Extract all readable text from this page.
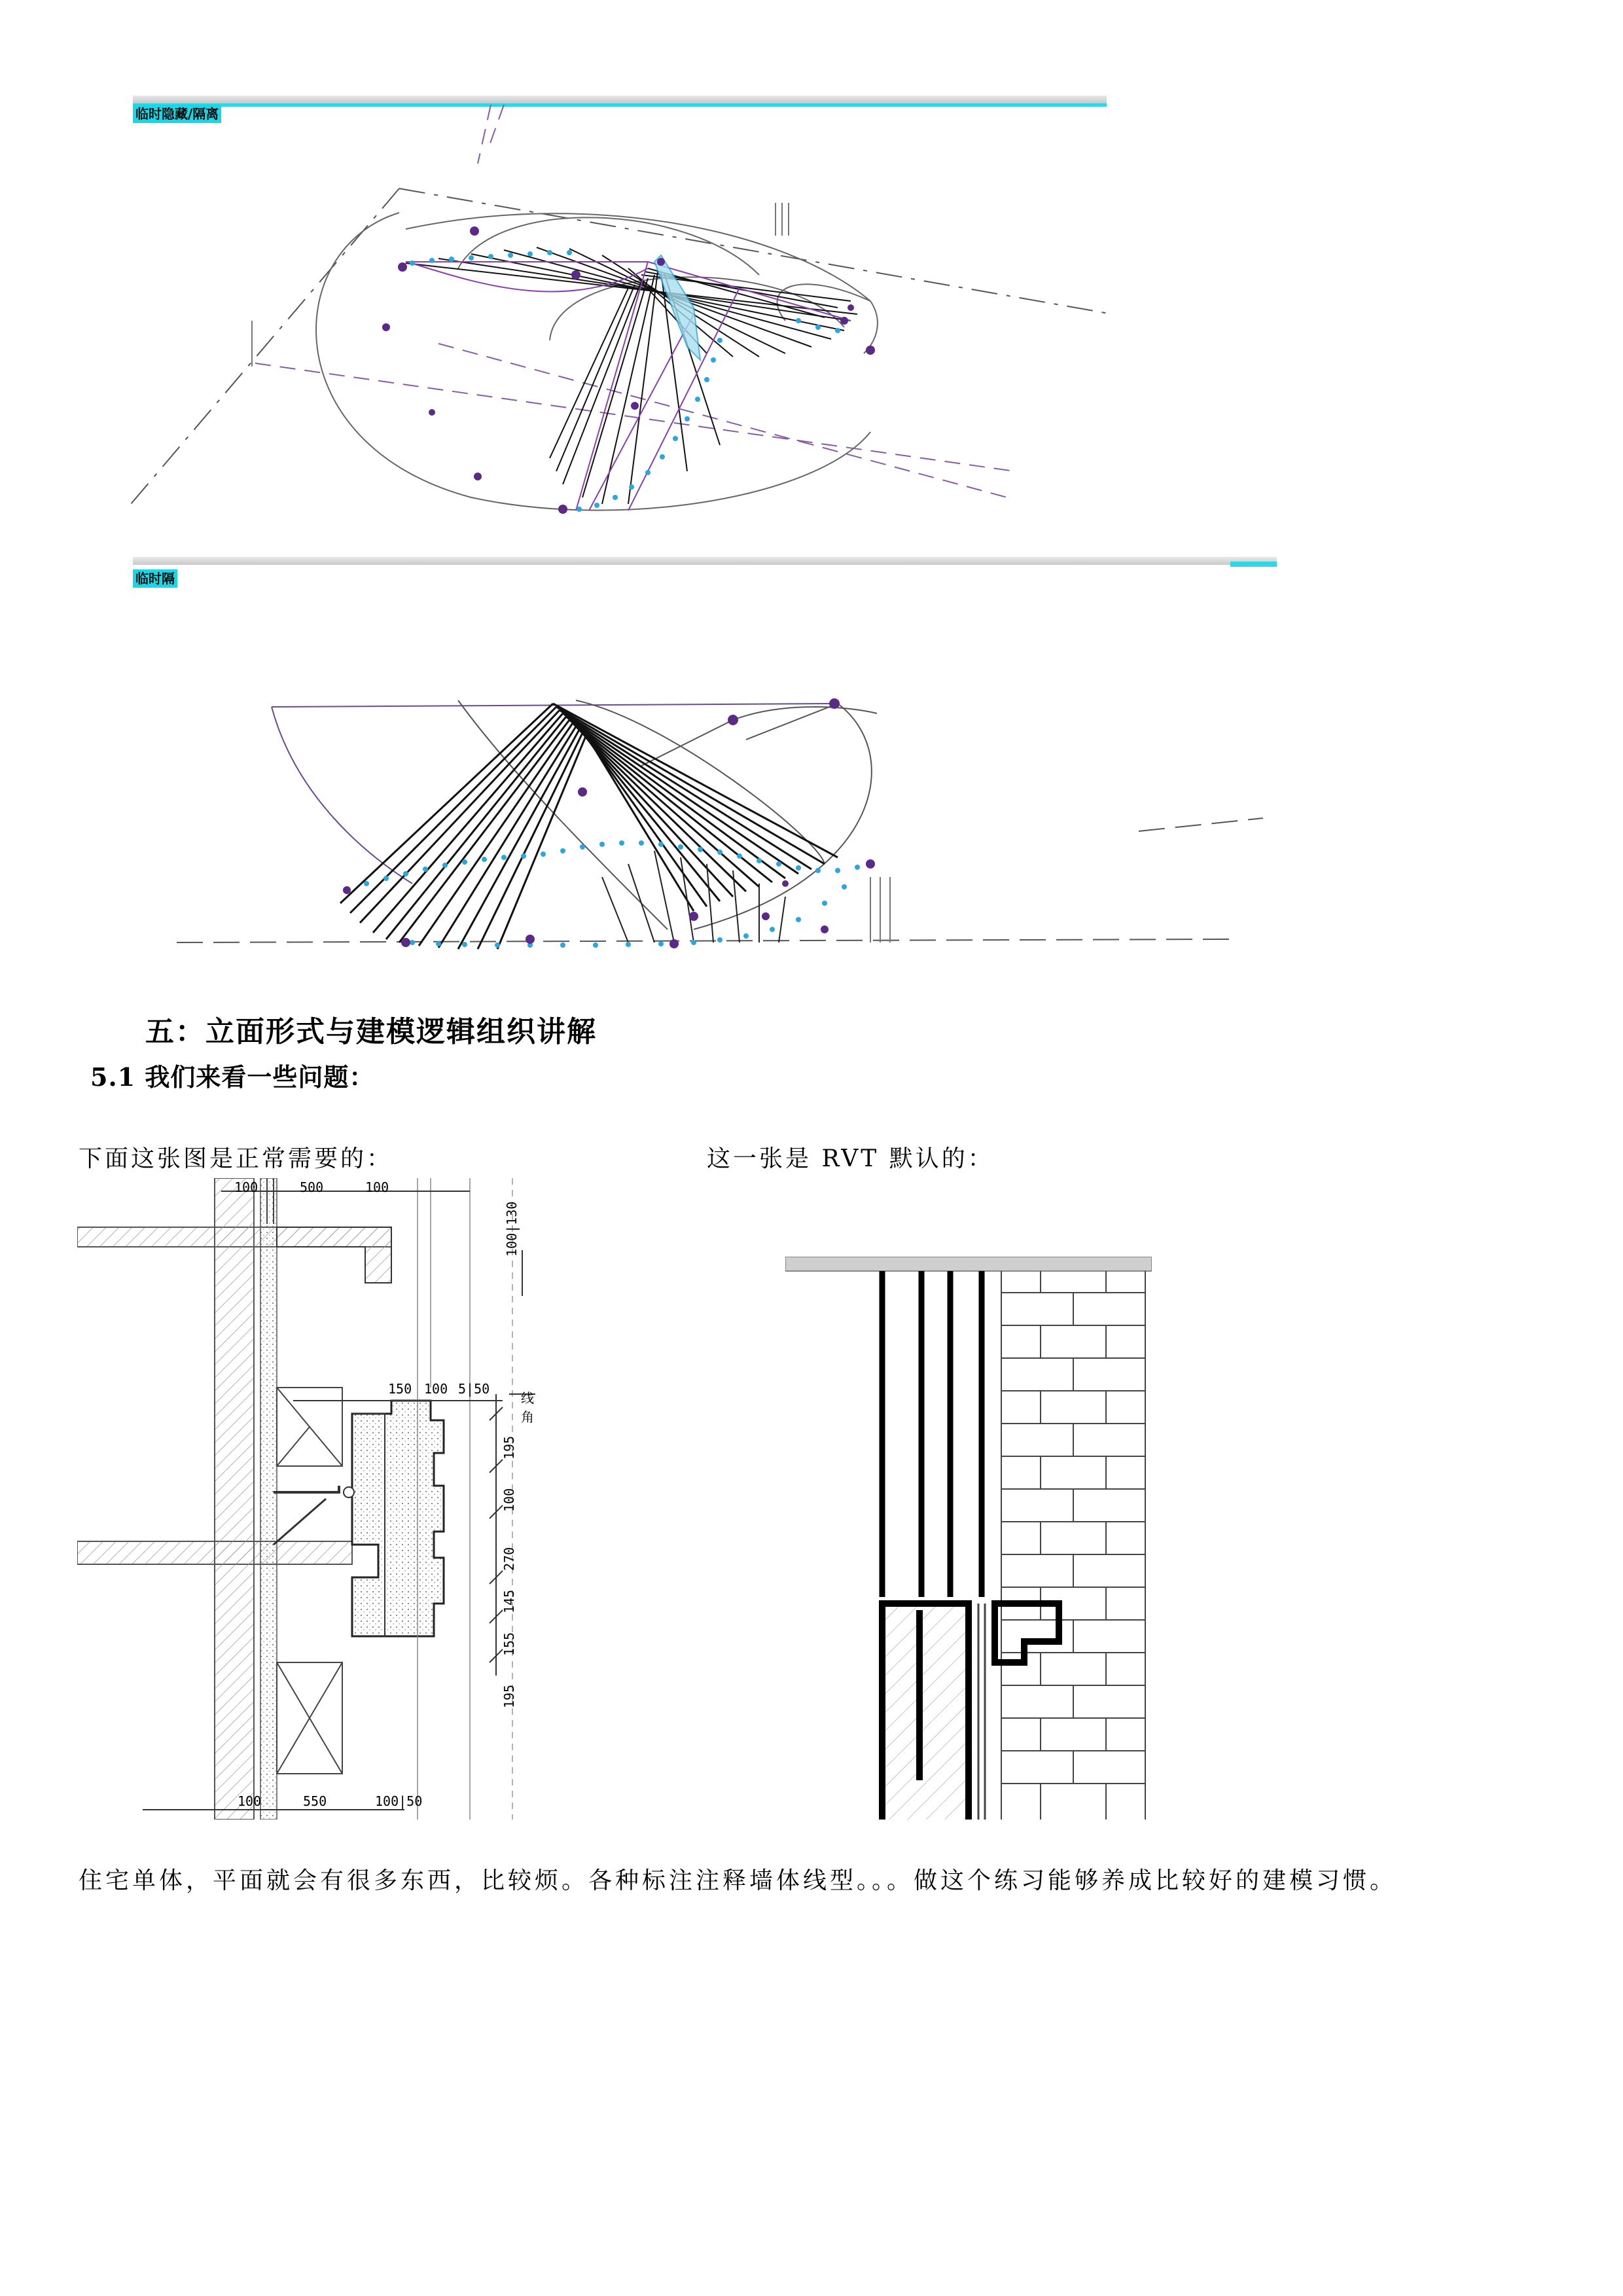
临时隐藏/隔离
临时隔
五：立面形式与建模逻辑组织讲解
5.1 我们来看一些问题：
下面这张图是正常需要的：	这一张是 RVT 默认的：
100	500	100
100|130
150 100 5|50
线角
195
100
270
145
155
195
100	550	100|50
住宅单体，平面就会有很多东西，比较烦。各种标注注释墙体线型。。。做这个练习能够养成比较好的建模习惯。
